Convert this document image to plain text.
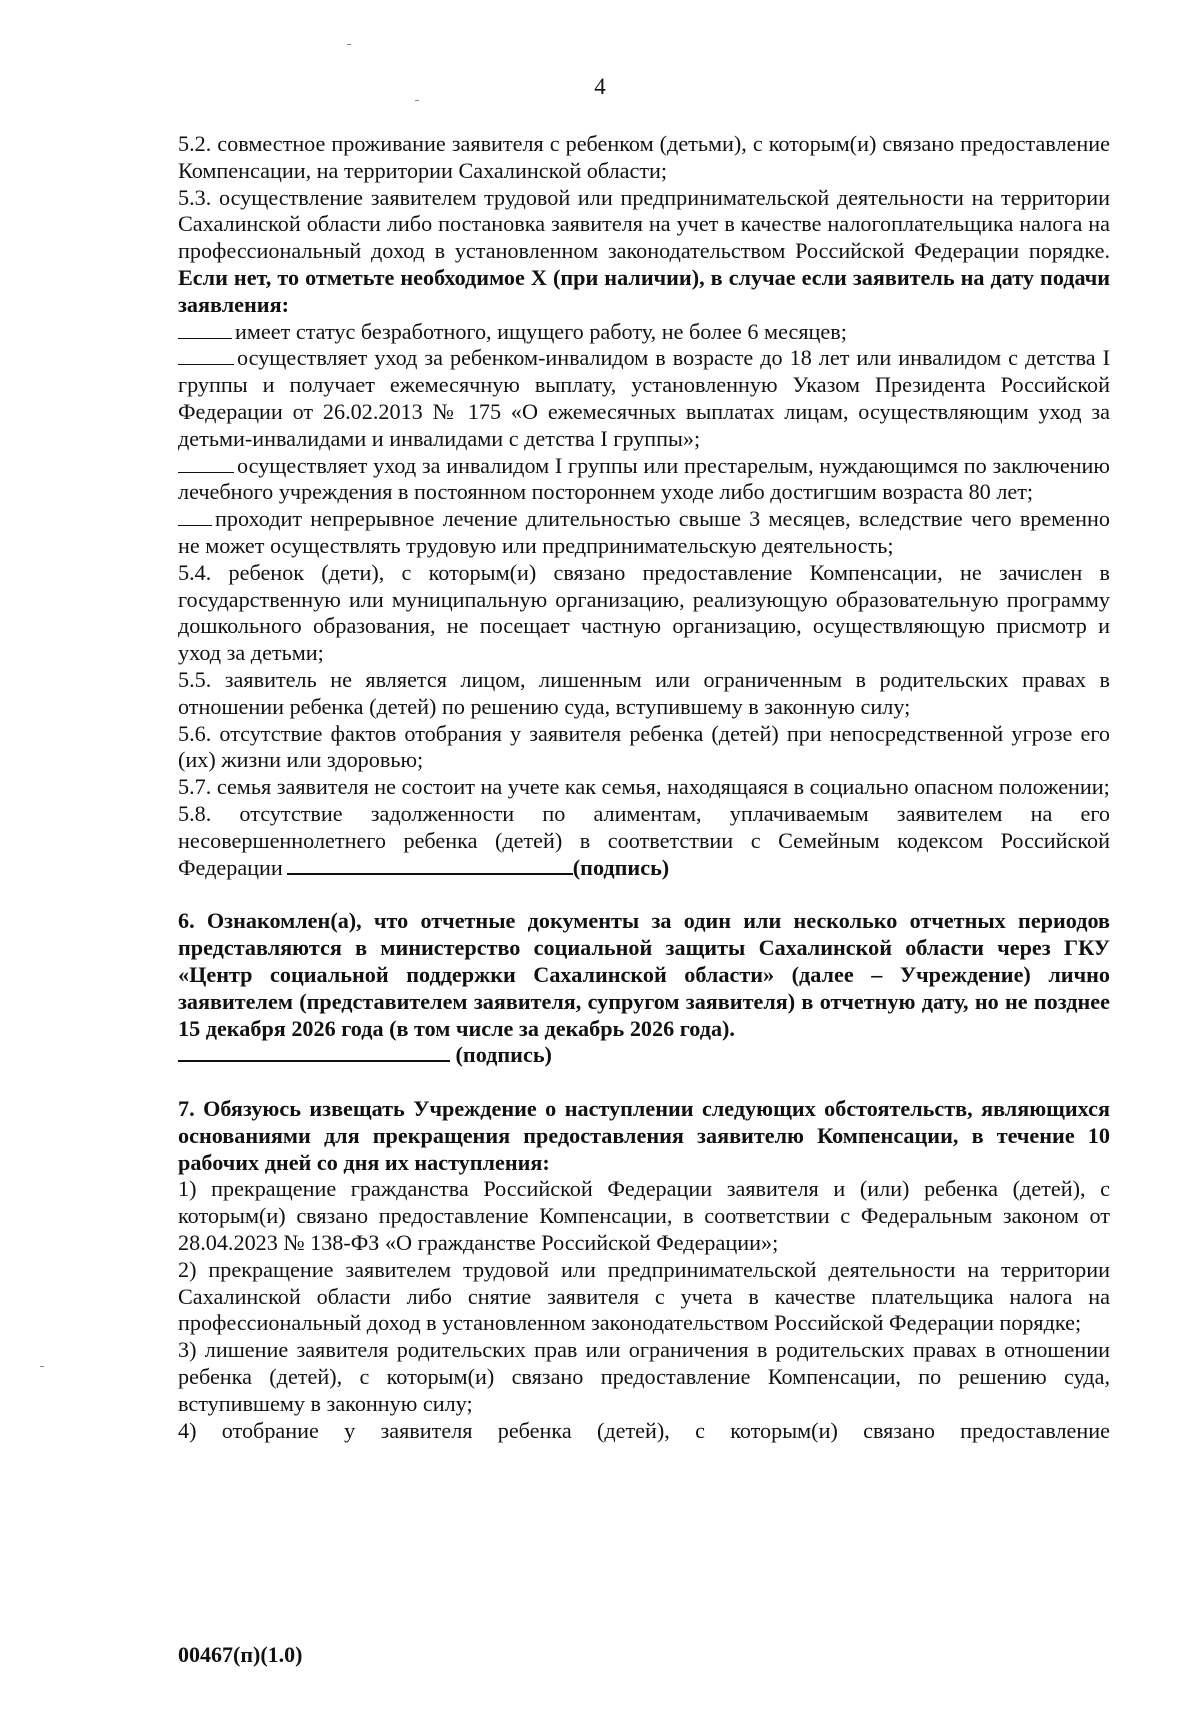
4

5.2. совместное проживание заявителя с ребенком (детьми), с которым(и) связано предоставление Компенсации, на территории Сахалинской области;

5.3. осуществление заявителем трудовой или предпринимательской деятельности на территории Сахалинской области либо постановка заявителя на учет в качестве налогоплательщика налога на профессиональный доход в установленном законодательством Российской Федерации порядке. Если нет, то отметьте необходимое X (при наличии), в случае если заявитель на дату подачи заявления:

имеет статус безработного, ищущего работу, не более 6 месяцев;

осуществляет уход за ребенком-инвалидом в возрасте до 18 лет или инвалидом с детства I группы и получает ежемесячную выплату, установленную Указом Президента Российской Федерации от 26.02.2013 № 175 «О ежемесячных выплатах лицам, осуществляющим уход за детьми-инвалидами и инвалидами с детства I группы»;

осуществляет уход за инвалидом I группы или престарелым, нуждающимся по заключению лечебного учреждения в постоянном постороннем уходе либо достигшим возраста 80 лет;

проходит непрерывное лечение длительностью свыше 3 месяцев, вследствие чего временно не может осуществлять трудовую или предпринимательскую деятельность;

5.4. ребенок (дети), с которым(и) связано предоставление Компенсации, не зачислен в государственную или муниципальную организацию, реализующую образовательную программу дошкольного образования, не посещает частную организацию, осуществляющую присмотр и уход за детьми;

5.5. заявитель не является лицом, лишенным или ограниченным в родительских правах в отношении ребенка (детей) по решению суда, вступившему в законную силу;

5.6. отсутствие фактов отобрания у заявителя ребенка (детей) при непосредственной угрозе его (их) жизни или здоровью;

5.7. семья заявителя не состоит на учете как семья, находящаяся в социально опасном положении;

5.8. отсутствие задолженности по алиментам, уплачиваемым заявителем на его несовершеннолетнего ребенка (детей) в соответствии с Семейным кодексом Российской Федерации	(подпись)

6. Ознакомлен(а), что отчетные документы за один или несколько отчетных периодов представляются в министерство социальной защиты Сахалинской области через ГКУ «Центр социальной поддержки Сахалинской области» (далее – Учреждение) лично заявителем (представителем заявителя, супругом заявителя) в отчетную дату, но не позднее 15 декабря 2026 года (в том числе за декабрь 2026 года).

(подпись)

7. Обязуюсь извещать Учреждение о наступлении следующих обстоятельств, являющихся основаниями для прекращения предоставления заявителю Компенсации, в течение 10 рабочих дней со дня их наступления:

1) прекращение гражданства Российской Федерации заявителя и (или) ребенка (детей), с которым(и) связано предоставление Компенсации, в соответствии с Федеральным законом от 28.04.2023 № 138-ФЗ «О гражданстве Российской Федерации»;

2) прекращение заявителем трудовой или предпринимательской деятельности на территории Сахалинской области либо снятие заявителя с учета в качестве плательщика налога на профессиональный доход в установленном законодательством Российской Федерации порядке;

3) лишение заявителя родительских прав или ограничения в родительских правах в отношении ребенка (детей), с которым(и) связано предоставление Компенсации, по решению суда, вступившему в законную силу;

4) отобрание у заявителя ребенка (детей), с которым(и) связано предоставление

00467(п)(1.0)
